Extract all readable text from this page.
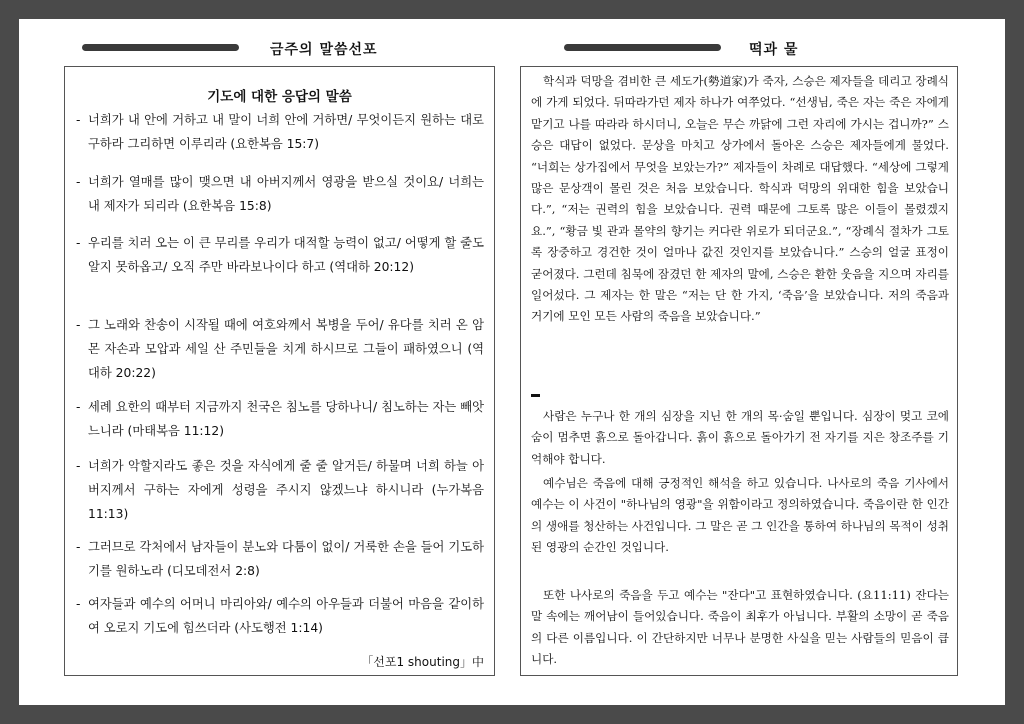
금주의 말씀선포	떡과 물
기도에 대한 응답의 말씀
- 너희가 내 안에 거하고 내 말이 너희 안에 거하면/ 무엇이든지 원하는 대로 구하라 그리하면 이루리라 (요한복음 15:7)
- 너희가 열매를 많이 맺으면 내 아버지께서 영광을 받으실 것이요/ 너희는 내 제자가 되리라 (요한복음 15:8)
- 우리를 치러 오는 이 큰 무리를 우리가 대적할 능력이 없고/ 어떻게 할 줄도 알지 못하옵고/ 오직 주만 바라보나이다 하고 (역대하 20:12)
- 그 노래와 찬송이 시작될 때에 여호와께서 복병을 두어/ 유다를 치러 온 암몬 자손과 모압과 세일 산 주민들을 치게 하시므로 그들이 패하였으니 (역대하 20:22)
- 세례 요한의 때부터 지금까지 천국은 침노를 당하나니/ 침노하는 자는 빼앗느니라 (마태복음 11:12)
- 너희가 악할지라도 좋은 것을 자식에게 줄 줄 알거든/ 하물며 너희 하늘 아버지께서 구하는 자에게 성령을 주시지 않겠느냐 하시니라 (누가복음 11:13)
- 그러므로 각처에서 남자들이 분노와 다툼이 없이/ 거룩한 손을 들어 기도하기를 원하노라 (디모데전서 2:8)
- 여자들과 예수의 어머니 마리아와/ 예수의 아우들과 더불어 마음을 같이하여 오로지 기도에 힘쓰더라 (사도행전 1:14)
「선포1 shouting」中
학식과 덕망을 겸비한 큰 세도가(勢道家)가 죽자, 스승은 제자들을 데리고 장례식에 가게 되었다. 뒤따라가던 제자 하나가 여쭈었다. “선생님, 죽은 자는 죽은 자에게 맡기고 나를 따라라 하시더니, 오늘은 무슨 까닭에 그런 자리에 가시는 겁니까?” 스승은 대답이 없었다. 문상을 마치고 상가에서 돌아온 스승은 제자들에게 물었다. “너희는 상가집에서 무엇을 보았는가?” 제자들이 차례로 대답했다. “세상에 그렇게 많은 문상객이 몰린 것은 처음 보았습니다. 학식과 덕망의 위대한 힘을 보았습니다.”, “저는 권력의 힘을 보았습니다. 권력 때문에 그토록 많은 이들이 몰렸겠지요.”, “황금 빛 관과 몰약의 향기는 커다란 위로가 되더군요.”, “장례식 절차가 그토록 장중하고 경건한 것이 얼마나 값진 것인지를 보았습니다.” 스승의 얼굴 표정이 굳어졌다. 그런데 침묵에 잠겼던 한 제자의 말에, 스승은 환한 웃음을 지으며 자리를 일어섰다. 그 제자는 한 말은 “저는 단 한 가지, ‘죽음’을 보았습니다. 저의 죽음과 거기에 모인 모든 사람의 죽음을 보았습니다.”
사람은 누구나 한 개의 심장을 지닌 한 개의 목·숨일 뿐입니다. 심장이 멎고 코에 숨이 멈추면 흙으로 돌아갑니다. 흙이 흙으로 돌아가기 전 자기를 지은 창조주를 기억해야 합니다.
예수님은 죽음에 대해 긍정적인 해석을 하고 있습니다. 나사로의 죽음 기사에서 예수는 이 사건이 "하나님의 영광"을 위함이라고 정의하였습니다. 죽음이란 한 인간의 생애를 청산하는 사건입니다. 그 말은 곧 그 인간을 통하여 하나님의 목적이 성취된 영광의 순간인 것입니다.
또한 나사로의 죽음을 두고 예수는 "잔다"고 표현하였습니다. (요11:11) 잔다는 말 속에는 깨어남이 들어있습니다. 죽음이 최후가 아닙니다. 부활의 소망이 곧 죽음의 다른 이름입니다. 이 간단하지만 너무나 분명한 사실을 믿는 사람들의 믿음이 큽니다.
